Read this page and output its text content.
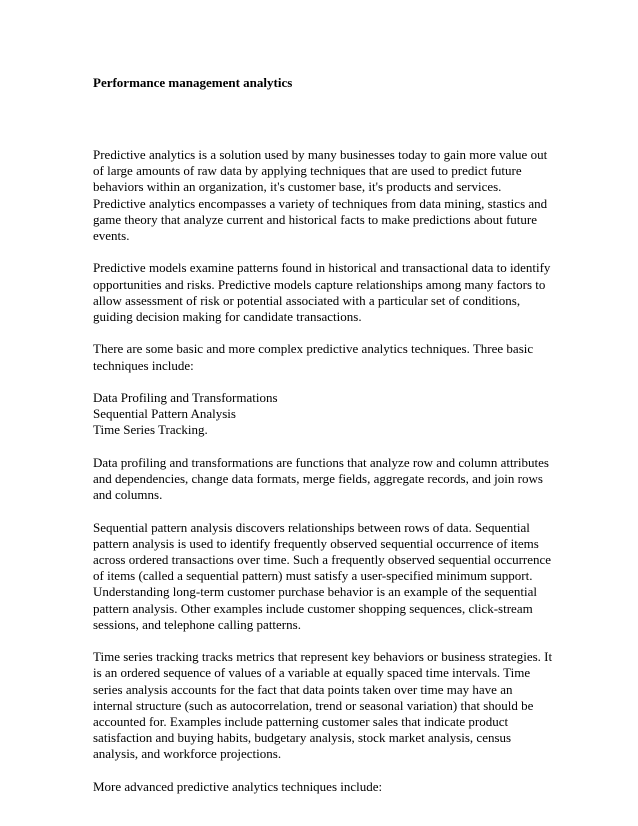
Performance management analytics

Predictive analytics is a solution used by many businesses today to gain more value out of large amounts of raw data by applying techniques that are used to predict future behaviors within an organization, it's customer base, it's products and services. Predictive analytics encompasses a variety of techniques from data mining, stastics and game theory that analyze current and historical facts to make predictions about future events.

Predictive models examine patterns found in historical and transactional data to identify opportunities and risks. Predictive models capture relationships among many factors to allow assessment of risk or potential associated with a particular set of conditions, guiding decision making for candidate transactions.

There are some basic and more complex predictive analytics techniques. Three basic techniques include:

Data Profiling and Transformations
Sequential Pattern Analysis
Time Series Tracking.

Data profiling and transformations are functions that analyze row and column attributes and dependencies, change data formats, merge fields, aggregate records, and join rows and columns.

Sequential pattern analysis discovers relationships between rows of data. Sequential pattern analysis is used to identify frequently observed sequential occurrence of items across ordered transactions over time. Such a frequently observed sequential occurrence of items (called a sequential pattern) must satisfy a user-specified minimum support. Understanding long-term customer purchase behavior is an example of the sequential pattern analysis. Other examples include customer shopping sequences, click-stream sessions, and telephone calling patterns.

Time series tracking tracks metrics that represent key behaviors or business strategies. It is an ordered sequence of values of a variable at equally spaced time intervals. Time series analysis accounts for the fact that data points taken over time may have an internal structure (such as autocorrelation, trend or seasonal variation) that should be accounted for. Examples include patterning customer sales that indicate product satisfaction and buying habits, budgetary analysis, stock market analysis, census analysis, and workforce projections.

More advanced predictive analytics techniques include:
